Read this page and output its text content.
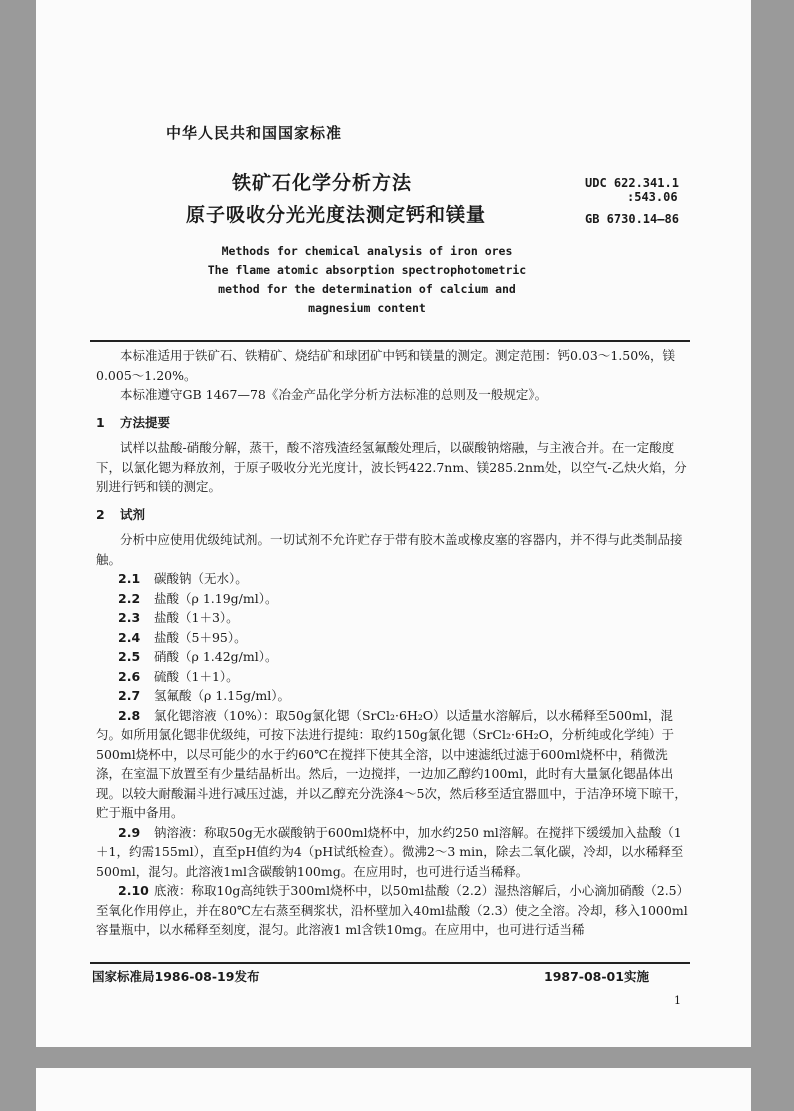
中华人民共和国国家标准
铁矿石化学分析方法
原子吸收分光光度法测定钙和镁量
UDC 622.341.1
:543.06
GB 6730.14—86
Methods for chemical analysis of iron ores
The flame atomic absorption spectrophotometric
method for the determination of calcium and
magnesium content

本标准适用于铁矿石、铁精矿、烧结矿和球团矿中钙和镁量的测定。测定范围：钙0.03～1.50%，镁0.005～1.20%。

本标准遵守GB 1467—78《冶金产品化学分析方法标准的总则及一般规定》。

1 方法提要

试样以盐酸-硝酸分解，蒸干，酸不溶残渣经氢氟酸处理后，以碳酸钠熔融，与主液合并。在一定酸度下，以氯化锶为释放剂，于原子吸收分光光度计，波长钙422.7nm、镁285.2nm处，以空气-乙炔火焰，分别进行钙和镁的测定。

2 试剂

分析中应使用优级纯试剂。一切试剂不允许贮存于带有胶木盖或橡皮塞的容器内，并不得与此类制品接触。

2.1 碳酸钠（无水）。

2.2 盐酸（ρ 1.19g/ml）。

2.3 盐酸（1＋3）。

2.4 盐酸（5＋95）。

2.5 硝酸（ρ 1.42g/ml）。

2.6 硫酸（1＋1）。

2.7 氢氟酸（ρ 1.15g/ml）。

2.8 氯化锶溶液（10%）：取50g氯化锶（SrCl₂·6H₂O）以适量水溶解后，以水稀释至500ml，混匀。如所用氯化锶非优级纯，可按下法进行提纯：取约150g氯化锶（SrCl₂·6H₂O，分析纯或化学纯）于500ml烧杯中，以尽可能少的水于约60℃在搅拌下使其全溶，以中速滤纸过滤于600ml烧杯中，稍微洗涤，在室温下放置至有少量结晶析出。然后，一边搅拌，一边加乙醇约100ml，此时有大量氯化锶晶体出现。以较大耐酸漏斗进行减压过滤，并以乙醇充分洗涤4～5次，然后移至适宜器皿中，于洁净环境下晾干，贮于瓶中备用。

2.9 钠溶液：称取50g无水碳酸钠于600ml烧杯中，加水约250 ml溶解。在搅拌下缓缓加入盐酸（1＋1，约需155ml），直至pH值约为4（pH试纸检查）。微沸2～3 min，除去二氧化碳，冷却，以水稀释至500ml，混匀。此溶液1ml含碳酸钠100mg。在应用时，也可进行适当稀释。

2.10 底液：称取10g高纯铁于300ml烧杯中，以50ml盐酸（2.2）湿热溶解后，小心滴加硝酸（2.5）至氧化作用停止，并在80℃左右蒸至稠浆状，沿杯壁加入40ml盐酸（2.3）使之全溶。冷却，移入1000ml容量瓶中，以水稀释至刻度，混匀。此溶液1 ml含铁10mg。在应用中，也可进行适当稀

国家标准局1986-08-19发布	1987-08-01实施
1
